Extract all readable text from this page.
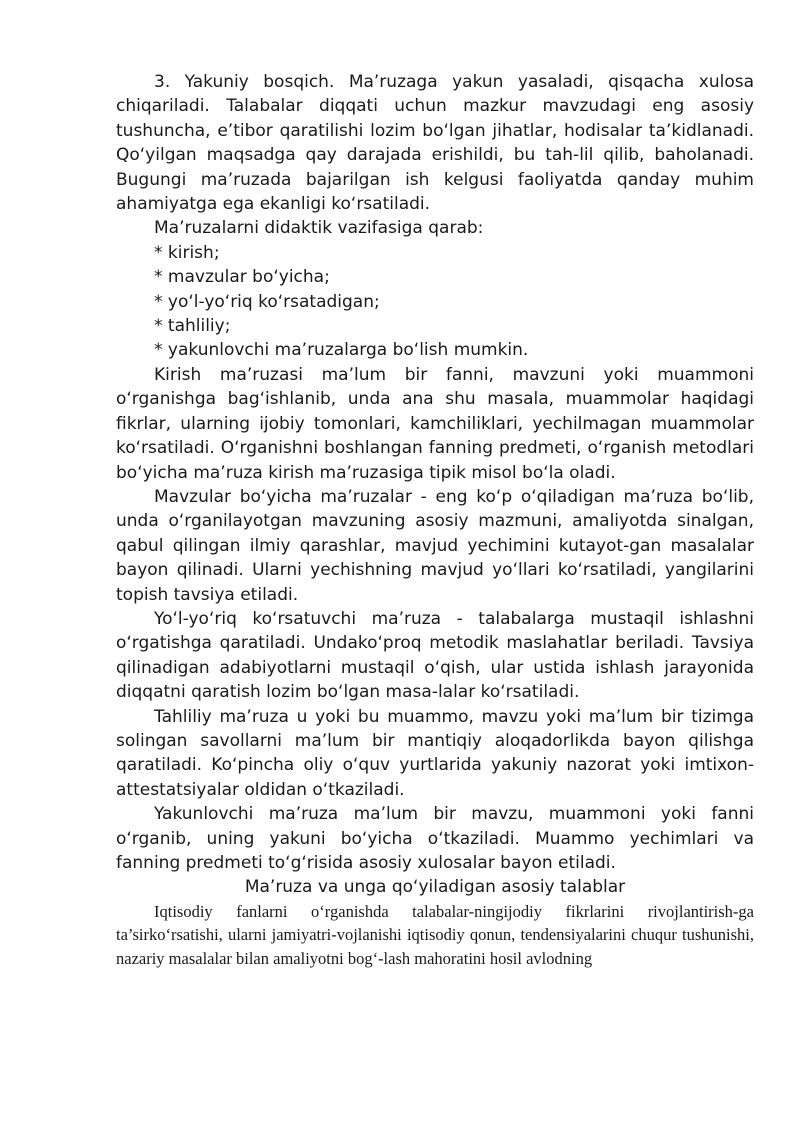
3. Yakuniy bosqich. Ma’ruzaga yakun yasaladi, qisqacha xulosa chiqariladi. Talabalar diqqati uchun mazkur mavzudagi eng asosiy tushuncha, e’tibor qaratilishi lozim bo‘lgan jihatlar, hodisalar ta’kidlanadi. Qo‘yilgan maqsadga qay darajada erishildi, bu tah-lil qilib, baholanadi. Bugungi ma’ruzada bajarilgan ish kelgusi faoliyatda qanday muhim ahamiyatga ega ekanligi ko‘rsatiladi.

Ma’ruzalarni didaktik vazifasiga qarab:

* kirish;

* mavzular bo‘yicha;

* yo‘l-yo‘riq ko‘rsatadigan;

* tahliliy;

* yakunlovchi ma’ruzalarga bo‘lish mumkin.

Kirish ma’ruzasi ma’lum bir fanni, mavzuni yoki muammoni o‘rganishga bag‘ishlanib, unda ana shu masala, muammolar haqidagi fikrlar, ularning ijobiy tomonlari, kamchiliklari, yechilmagan muammolar ko‘rsatiladi. O‘rganishni boshlangan fanning predmeti, o‘rganish metodlari bo‘yicha ma’ruza kirish ma’ruzasiga tipik misol bo‘la oladi.

Mavzular bo‘yicha ma’ruzalar - eng ko‘p o‘qiladigan ma’ruza bo‘lib, unda o‘rganilayotgan mavzuning asosiy mazmuni, amaliyotda sinalgan, qabul qilingan ilmiy qarashlar, mavjud yechimini kutayot-gan masalalar bayon qilinadi. Ularni yechishning mavjud yo‘llari ko‘rsatiladi, yangilarini topish tavsiya etiladi.

Yo‘l-yo‘riq ko‘rsatuvchi ma’ruza - talabalarga mustaqil ishlashni o‘rgatishga qaratiladi. Undako‘proq metodik maslahatlar beriladi. Tavsiya qilinadigan adabiyotlarni mustaqil o‘qish, ular ustida ishlash jarayonida diqqatni qaratish lozim bo‘lgan masa-lalar ko‘rsatiladi.

Tahliliy ma’ruza u yoki bu muammo, mavzu yoki ma’lum bir tizimga solingan savollarni ma’lum bir mantiqiy aloqadorlikda bayon qilishga qaratiladi. Ko‘pincha oliy o‘quv yurtlarida yakuniy nazorat yoki imtixon-attestatsiyalar oldidan o‘tkaziladi.

Yakunlovchi ma’ruza ma’lum bir mavzu, muammoni yoki fanni o‘rganib, uning yakuni bo‘yicha o‘tkaziladi. Muammo yechimlari va fanning predmeti to‘g‘risida asosiy xulosalar bayon etiladi.

Ma’ruza va unga qo‘yiladigan asosiy talablar

Iqtisodiy fanlarni o‘rganishda talabalar-ningijodiy fikrlarini rivojlantirish-ga ta’sirko‘rsatishi, ularni jamiyatri-vojlanishi iqtisodiy qonun, tendensiyalarini chuqur tushunishi, nazariy masalalar bilan amaliyotni bog‘-lash mahoratini hosil avlodning
